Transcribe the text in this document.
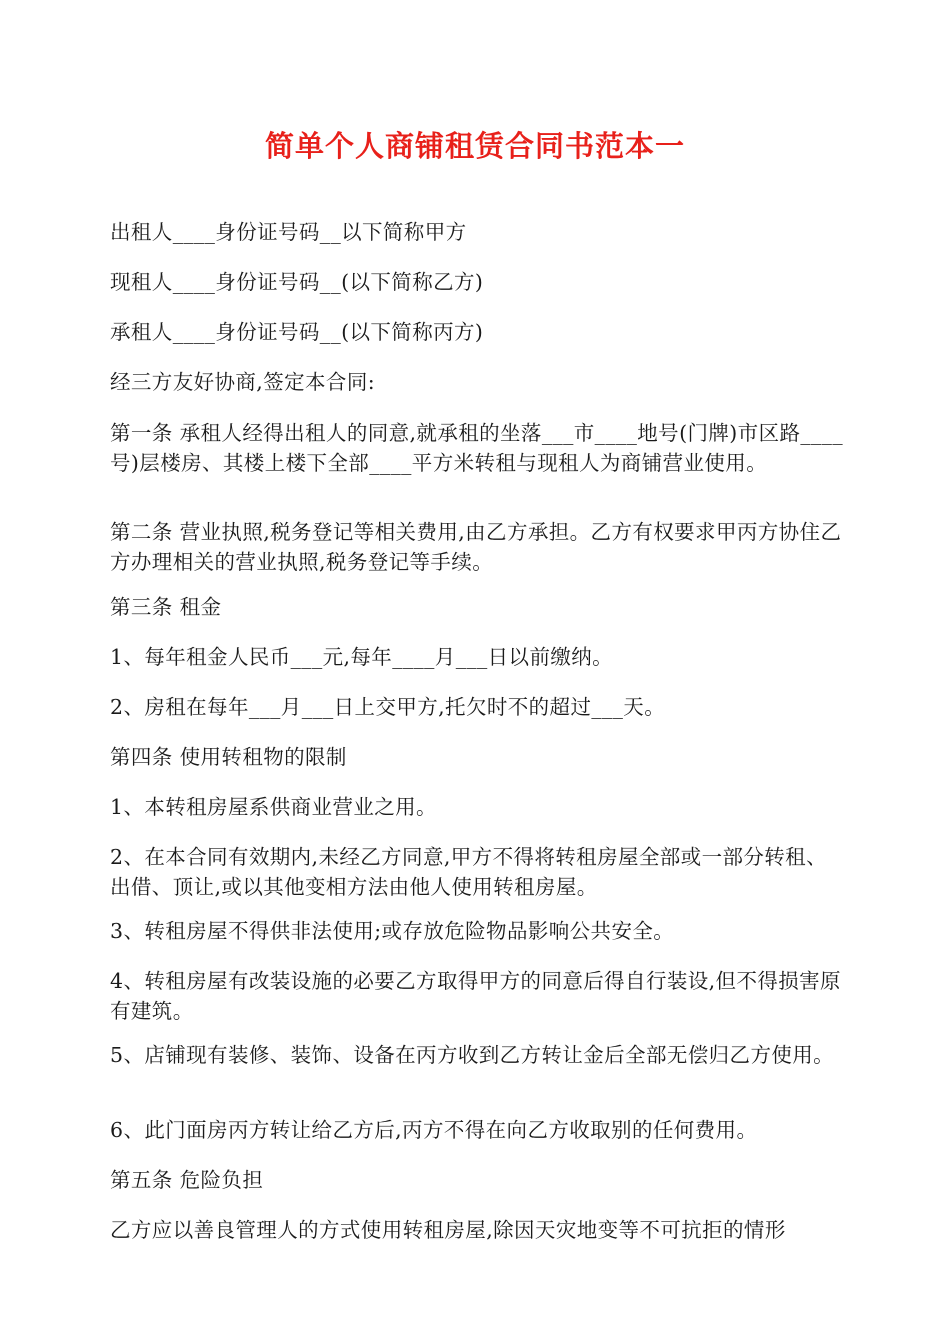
简单个人商铺租赁合同书范本一

出租人____身份证号码__以下简称甲方

现租人____身份证号码__(以下简称乙方)

承租人____身份证号码__(以下简称丙方)

经三方友好协商,签定本合同:

第一条 承租人经得出租人的同意,就承租的坐落___市____地号(门牌)市区路____号)层楼房、其楼上楼下全部____平方米转租与现租人为商铺营业使用。

第二条 营业执照,税务登记等相关费用,由乙方承担。乙方有权要求甲丙方协住乙方办理相关的营业执照,税务登记等手续。

第三条 租金

1、每年租金人民币___元,每年____月___日以前缴纳。

2、房租在每年___月___日上交甲方,托欠时不的超过___天。

第四条 使用转租物的限制

1、本转租房屋系供商业营业之用。

2、在本合同有效期内,未经乙方同意,甲方不得将转租房屋全部或一部分转租、出借、顶让,或以其他变相方法由他人使用转租房屋。

3、转租房屋不得供非法使用;或存放危险物品影响公共安全。

4、转租房屋有改装设施的必要乙方取得甲方的同意后得自行装设,但不得损害原有建筑。

5、店铺现有装修、装饰、设备在丙方收到乙方转让金后全部无偿归乙方使用。

6、此门面房丙方转让给乙方后,丙方不得在向乙方收取别的任何费用。

第五条 危险负担

乙方应以善良管理人的方式使用转租房屋,除因天灾地变等不可抗拒的情形
